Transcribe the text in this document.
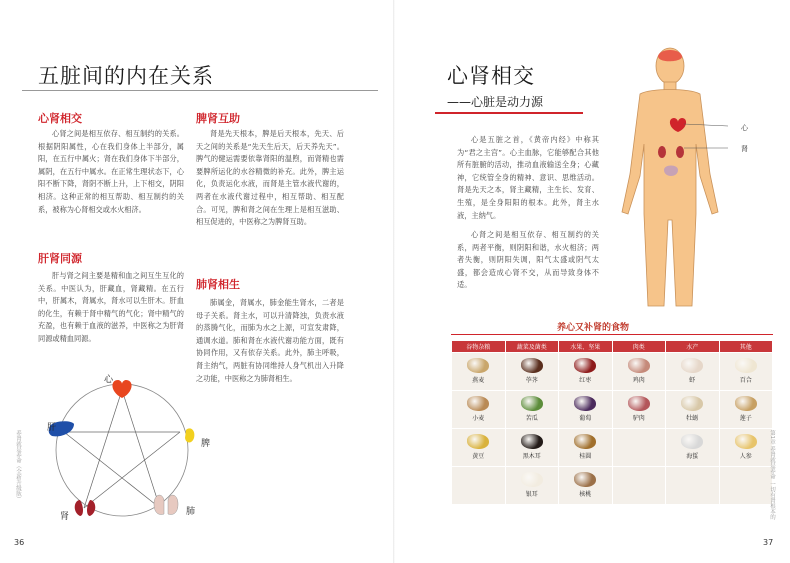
五脏间的内在关系
心肾相交
心肾之间是相互依存、相互制约的关系。根据阴阳属性，心在我们身体上半部分，属阳，在五行中属火；肾在我们身体下半部分，属阴，在五行中属水。在正常生理状态下，心阳不断下降，肾阴不断上升，上下相交，阴阳相济。这种正常的相互帮助、相互制约的关系，被称为心肾相交或水火相济。
肝肾同源
肝与肾之间主要是精和血之间互生互化的关系。中医认为，肝藏血，肾藏精。在五行中，肝属木，肾属水，肾水可以生肝木。肝血的化生，有赖于肾中精气的气化；肾中精气的充盈，也有赖于血液的滋养，中医称之为肝肾同源或精血同源。
脾肾互助
肾是先天根本，脾是后天根本，先天、后天之间的关系是“先天生后天，后天养先天”。脾气的健运需要依靠肾阳的温煦，而肾精也需要脾所运化的水谷精微的补充。此外，脾主运化，负责运化水液，而肾是主管水液代谢的，两者在水液代谢过程中，相互帮助、相互配合。可见，脾和肾之间在生理上是相互滋助、相互促进的，中医称之为脾肾互助。
肺肾相生
肺属金，肾属水，肺金能生肾水，二者是母子关系。肾主水，可以升清降浊，负责水液的蒸腾气化，而肺为水之上源，可宣发肃降，通调水道。肺和肾在水液代谢功能方面，既有协同作用，又有依存关系。此外，肺主呼吸，肾主纳气，两脏有协同维持人身气机出入升降之功能，中医称之为肺肾相生。
心
肝
脾
肺
肾
养肾就是养命（全新升级版）
36
心肾相交
——心脏是动力源
心是五脏之首，《黄帝内经》中称其为“君之主宫”。心主血脉，它能够配合其他所有脏腑的活动，推动血液输送全身；心藏神，它统管全身的精神、意识、思维活动。肾是先天之本，肾主藏精，主生长、发育、生殖，是全身阳阳的根本。此外，肾主水液，主纳气。
心肾之间是相互依存、相互制约的关系，两者平衡，则阴阳和谐，水火相济；两者失衡，则阴阳失调，阳气太盛或阴气太盛，都会造成心肾不交，从而导致身体不适。
心
肾
养心又补肾的食物
谷物杂粮	蔬菜及菌类	水果、坚果	肉类	水产	其他

燕麦	荸荠	红枣	鸡肉	虾	百合

小麦	苦瓜	葡萄	驴肉	牡蛎	莲子

黄豆	黑木耳	桂圆		海蜇	人参

	银耳	核桃			
				第1章 养肾就是养命 一切有肾根本的
37
